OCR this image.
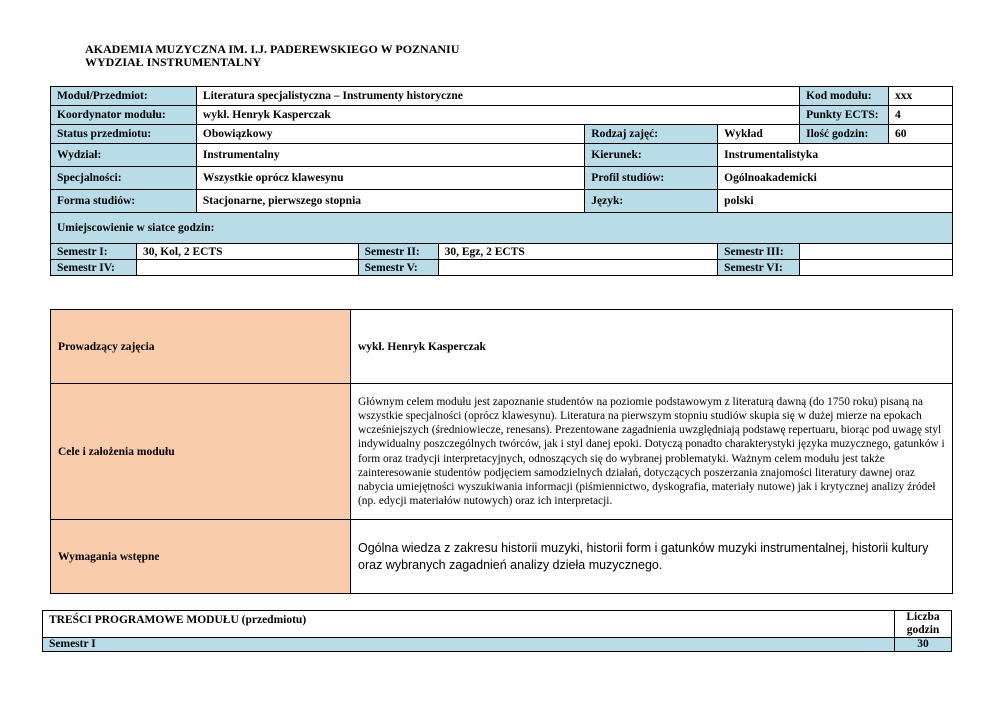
AKADEMIA MUZYCZNA IM. I.J. PADEREWSKIEGO W POZNANIU
WYDZIAŁ INSTRUMENTALNY
Moduł/Przedmiot:		Literatura specjalistyczna – Instrumenty historyczne					Kod modułu:	xxx
Koordynator modułu:		wykł. Henryk Kasperczak					Punkty ECTS:	4
Status przedmiotu:		Obowiązkowy			Rodzaj zajęć:	Wykład	Ilość godzin:	60
Wydział:		Instrumentalny			Kierunek:	Instrumentalistyka		
Specjalności:		Wszystkie oprócz klawesynu			Profil studiów:	Ogólnoakademicki		
Forma studiów:		Stacjonarne, pierwszego stopnia			Język:	polski		
Umiejscowienie w siatce godzin:								
Semestr I:	30, Kol, 2 ECTS		Semestr II:	30, Egz, 2 ECTS		Semestr III:		
Semestr IV:			Semestr V:			Semestr VI:		
Prowadzący zajęcia	wykł. Henryk Kasperczak
Cele i założenia modułu	Głównym celem modułu jest zapoznanie studentów na poziomie podstawowym z literaturą dawną (do 1750 roku) pisaną na wszystkie specjalności (oprócz klawesynu). Literatura na pierwszym stopniu studiów skupia się w dużej mierze na epokach wcześniejszych (średniowiecze, renesans). Prezentowane zagadnienia uwzględniają podstawę repertuaru, biorąc pod uwagę styl indywidualny poszczególnych twórców, jak i styl danej epoki. Dotyczą ponadto charakterystyki języka muzycznego, gatunków i form oraz tradycji interpretacyjnych, odnoszących się do wybranej problematyki. Ważnym celem modułu jest także zainteresowanie studentów podjęciem samodzielnych działań, dotyczących poszerzania znajomości literatury dawnej oraz nabycia umiejętności wyszukiwania informacji (piśmiennictwo, dyskografia, materiały nutowe) jak i krytycznej analizy źródeł (np. edycji materiałów nutowych) oraz ich interpretacji.
Wymagania wstępne	Ogólna wiedza z zakresu historii muzyki, historii form i gatunków muzyki instrumentalnej, historii kultury oraz wybranych zagadnień analizy dzieła muzycznego.
TREŚCI PROGRAMOWE MODUŁU (przedmiotu)	Liczba godzin
Semestr I	30
